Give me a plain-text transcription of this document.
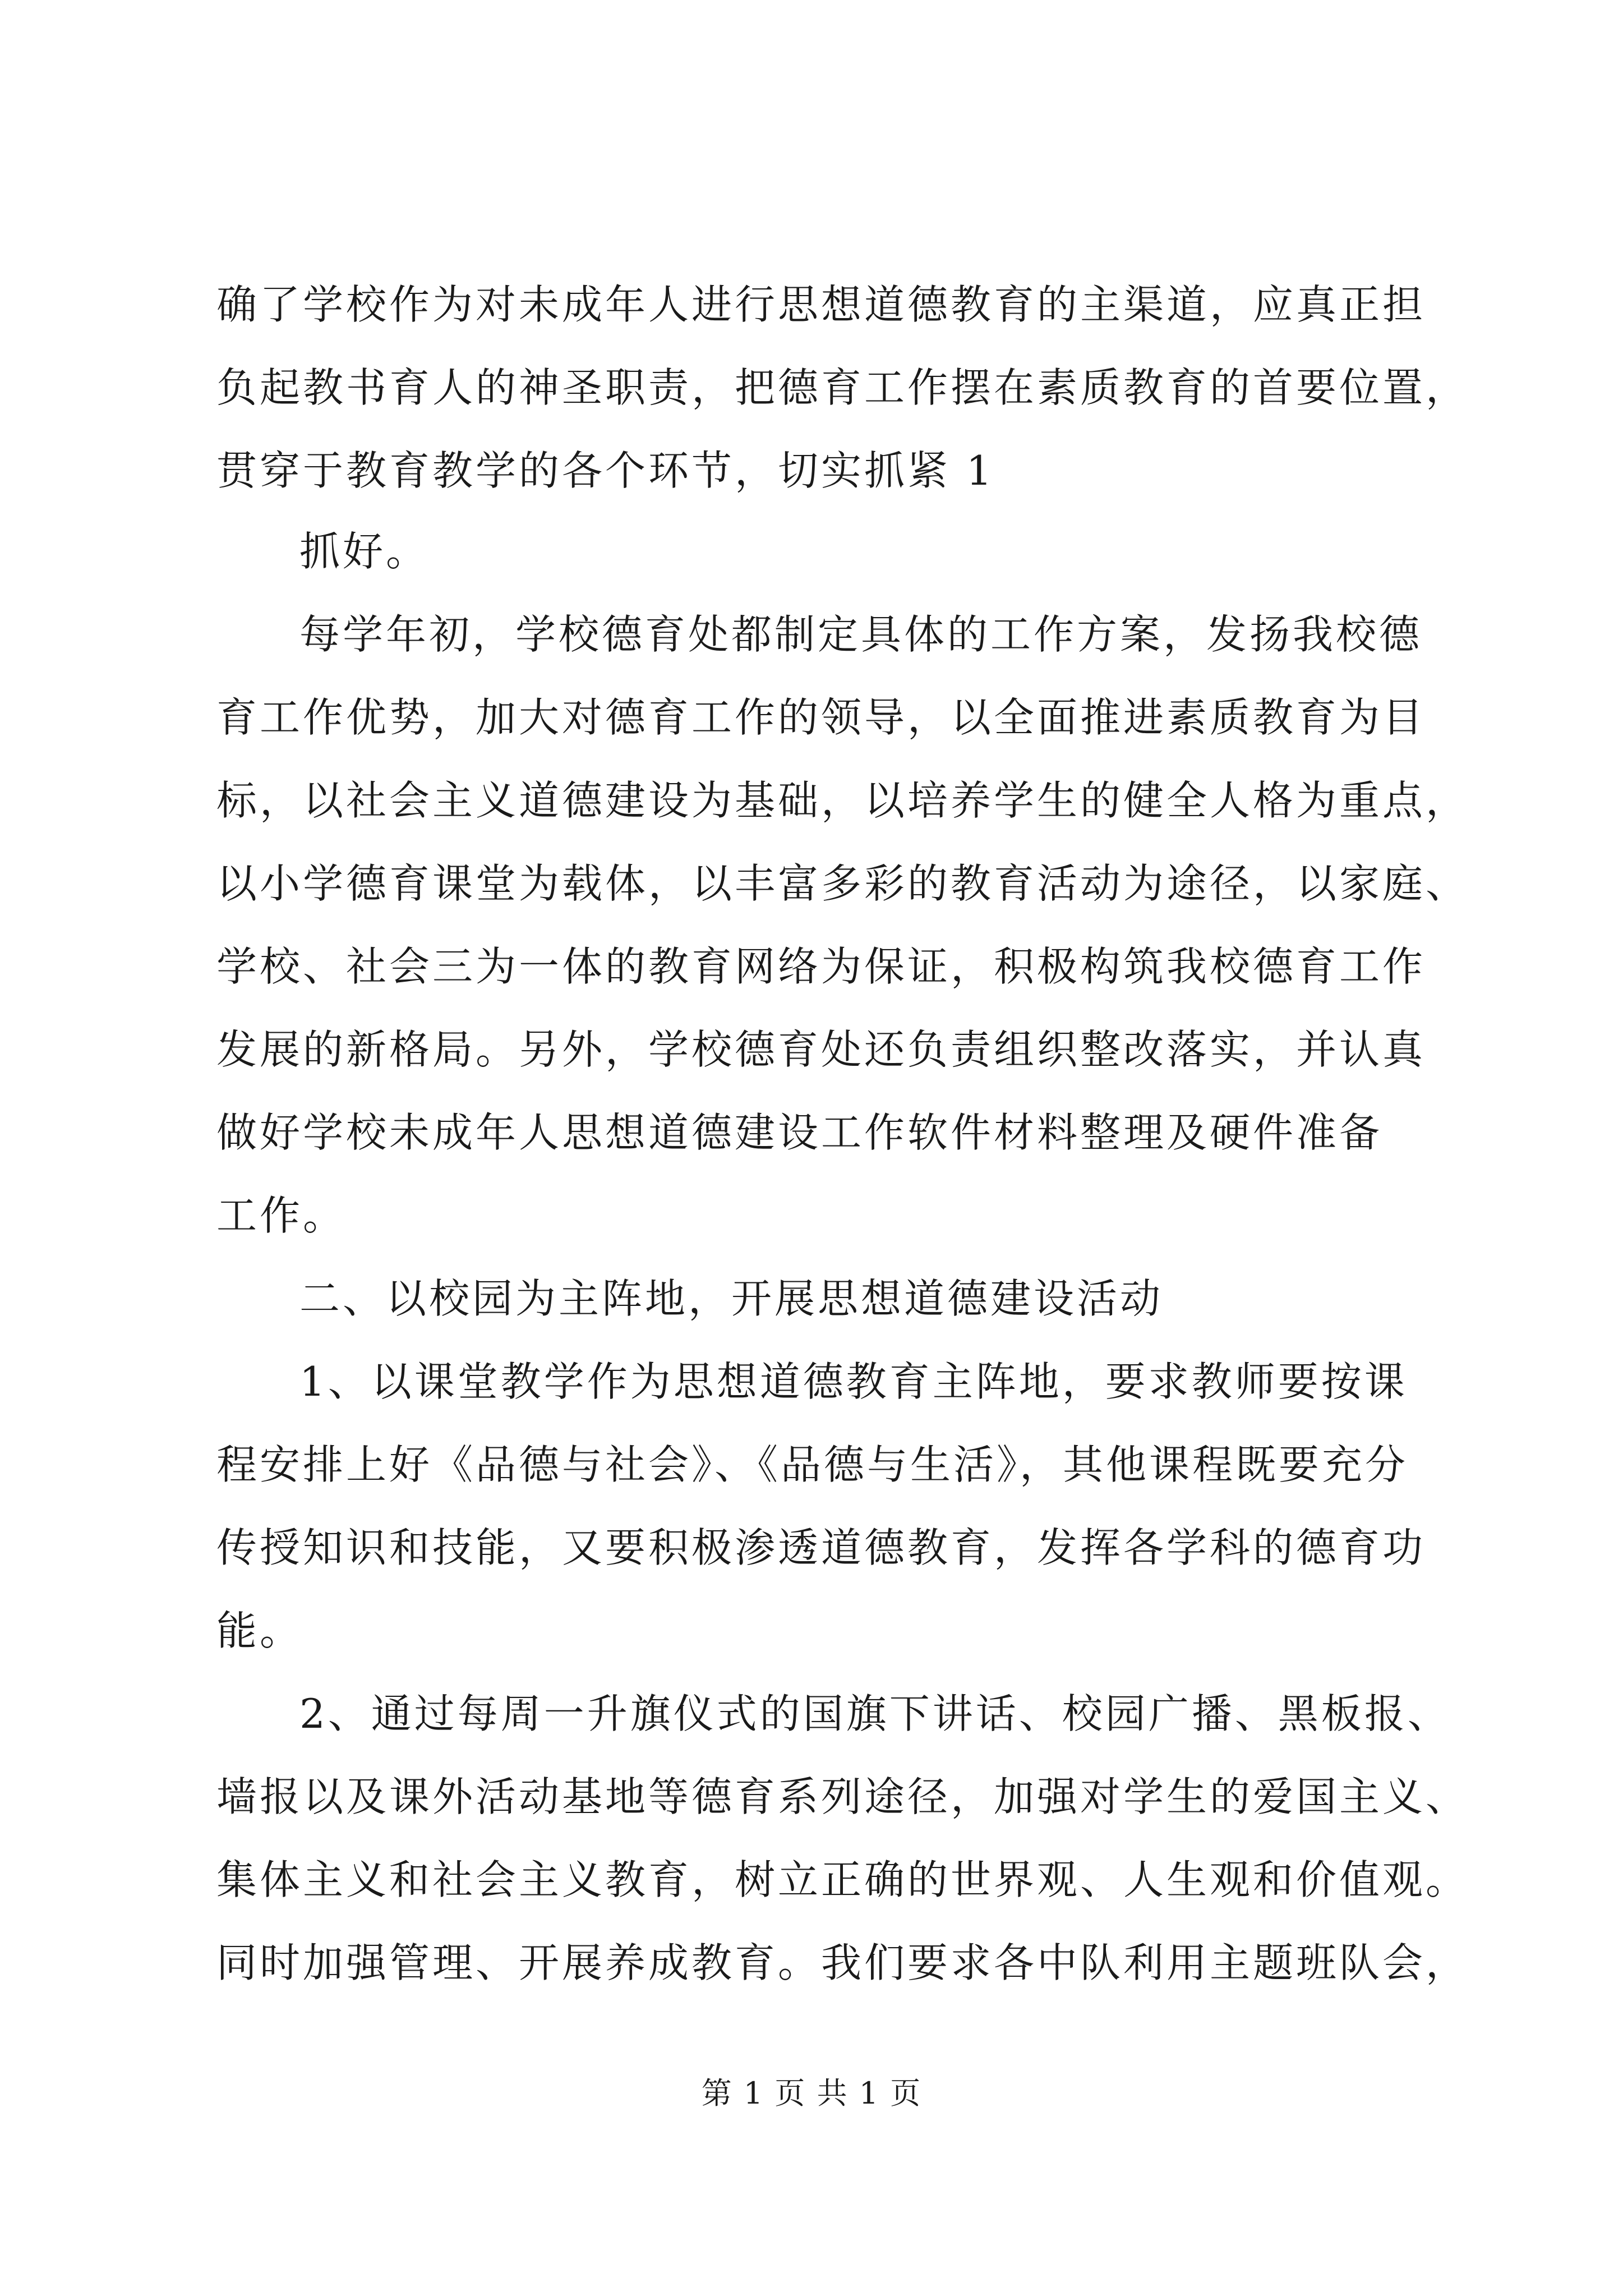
确了学校作为对未成年人进行思想道德教育的主渠道，应真正担
负起教书育人的神圣职责，把德育工作摆在素质教育的首要位置，
贯穿于教育教学的各个环节，切实抓紧 1
抓好。
每学年初，学校德育处都制定具体的工作方案，发扬我校德
育工作优势，加大对德育工作的领导，以全面推进素质教育为目
标，以社会主义道德建设为基础，以培养学生的健全人格为重点，
以小学德育课堂为载体，以丰富多彩的教育活动为途径，以家庭、
学校、社会三为一体的教育网络为保证，积极构筑我校德育工作
发展的新格局。另外，学校德育处还负责组织整改落实，并认真
做好学校未成年人思想道德建设工作软件材料整理及硬件准备
工作。
二、以校园为主阵地，开展思想道德建设活动
1、以课堂教学作为思想道德教育主阵地，要求教师要按课
程安排上好《品德与社会》、《品德与生活》，其他课程既要充分
传授知识和技能，又要积极渗透道德教育，发挥各学科的德育功
能。
2、通过每周一升旗仪式的国旗下讲话、校园广播、黑板报、
墙报以及课外活动基地等德育系列途径，加强对学生的爱国主义、
集体主义和社会主义教育，树立正确的世界观、人生观和价值观。
同时加强管理、开展养成教育。我们要求各中队利用主题班队会，
第 1 页 共 1 页
